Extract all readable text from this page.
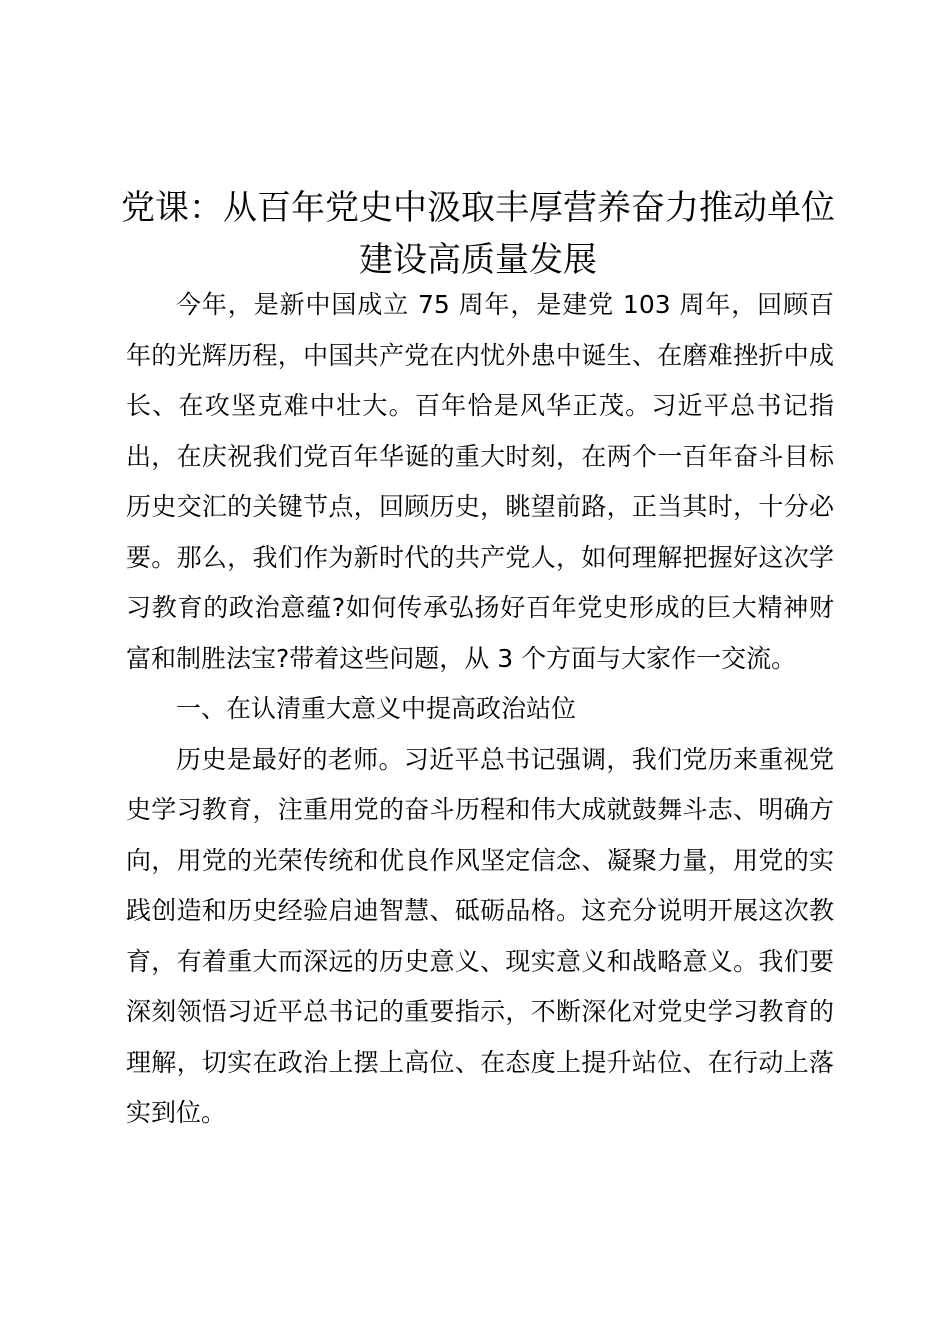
党课：从百年党史中汲取丰厚营养奋力推动单位建设高质量发展

今年，是新中国成立 75 周年，是建党 103 周年，回顾百年的光辉历程，中国共产党在内忧外患中诞生、在磨难挫折中成长、在攻坚克难中壮大。百年恰是风华正茂。习近平总书记指出，在庆祝我们党百年华诞的重大时刻，在两个一百年奋斗目标历史交汇的关键节点，回顾历史，眺望前路，正当其时，十分必要。那么，我们作为新时代的共产党人，如何理解把握好这次学习教育的政治意蕴?如何传承弘扬好百年党史形成的巨大精神财富和制胜法宝?带着这些问题，从 3 个方面与大家作一交流。

一、在认清重大意义中提高政治站位

历史是最好的老师。习近平总书记强调，我们党历来重视党史学习教育，注重用党的奋斗历程和伟大成就鼓舞斗志、明确方向，用党的光荣传统和优良作风坚定信念、凝聚力量，用党的实践创造和历史经验启迪智慧、砥砺品格。这充分说明开展这次教育，有着重大而深远的历史意义、现实意义和战略意义。我们要深刻领悟习近平总书记的重要指示，不断深化对党史学习教育的理解，切实在政治上摆上高位、在态度上提升站位、在行动上落实到位。
